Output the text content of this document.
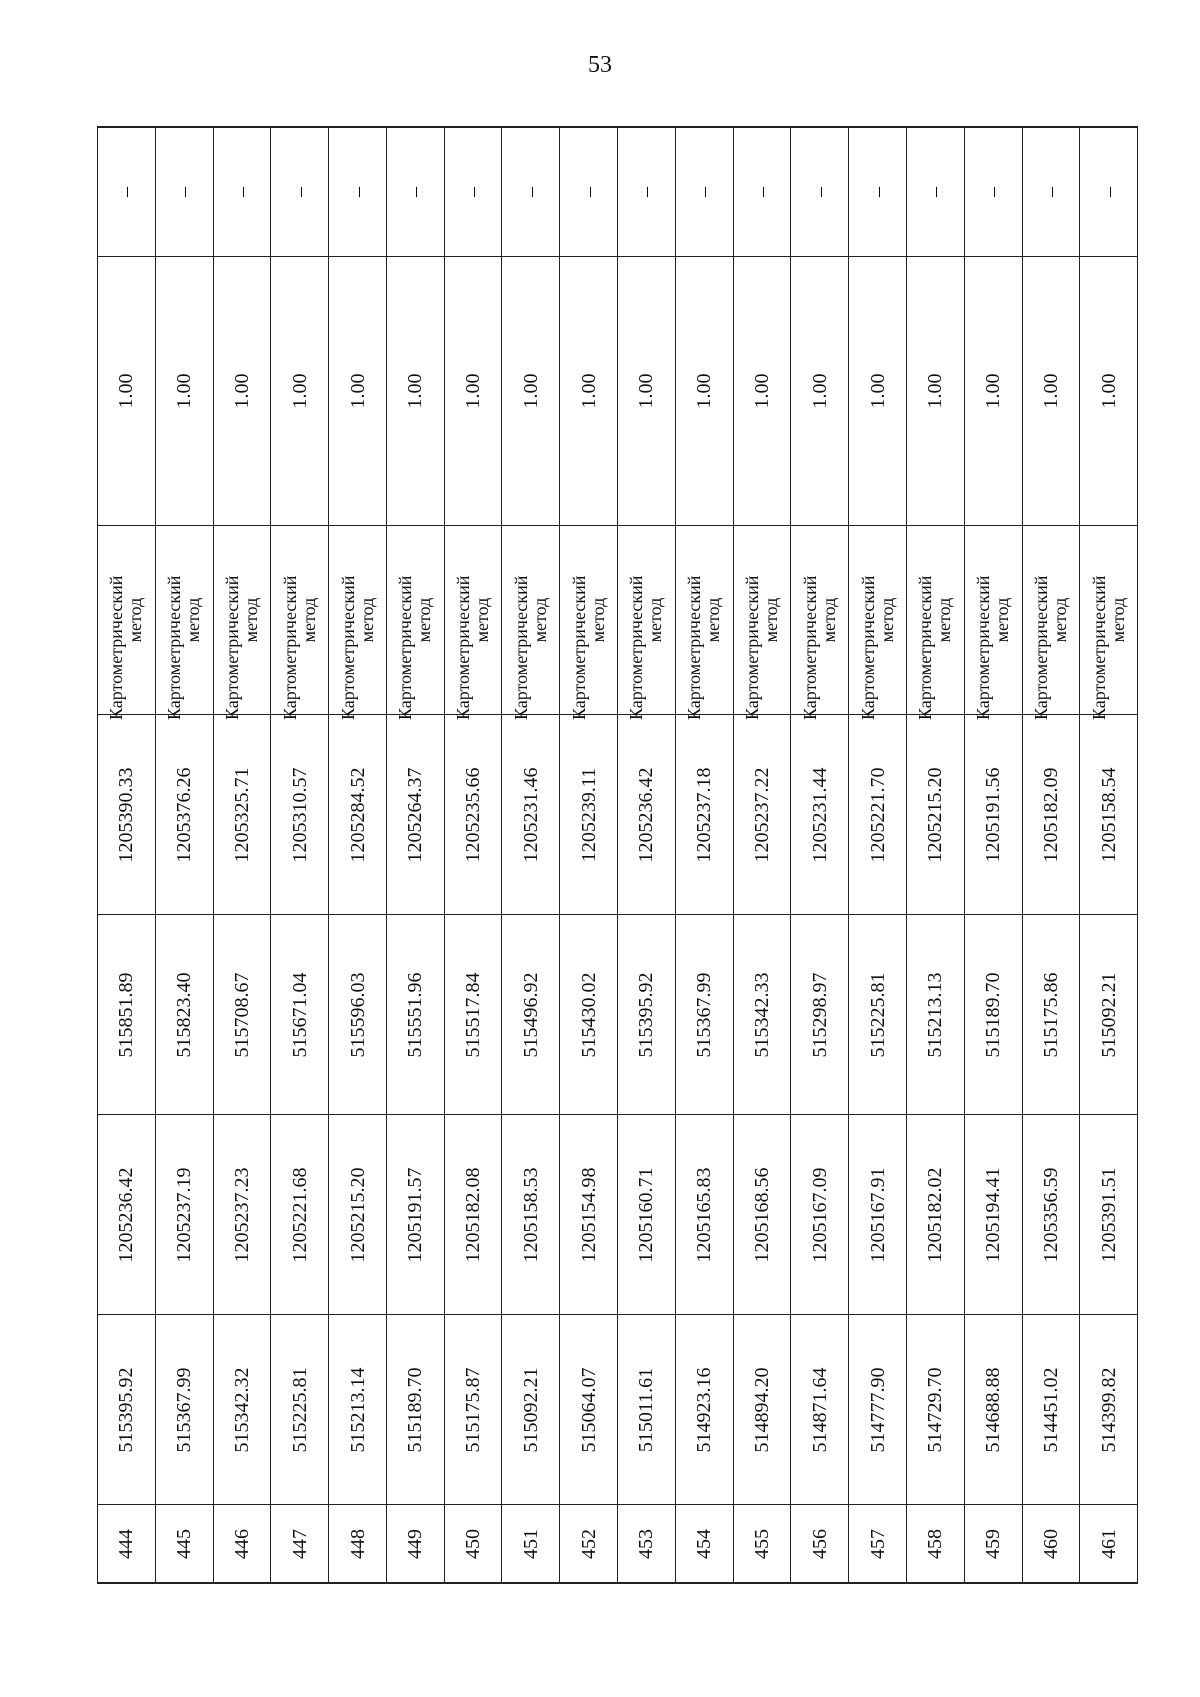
53
444
515395.92
1205236.42
515851.89
1205390.33
Картометрический
метод
1.00
–
445
515367.99
1205237.19
515823.40
1205376.26
Картометрический
метод
1.00
–
446
515342.32
1205237.23
515708.67
1205325.71
Картометрический
метод
1.00
–
447
515225.81
1205221.68
515671.04
1205310.57
Картометрический
метод
1.00
–
448
515213.14
1205215.20
515596.03
1205284.52
Картометрический
метод
1.00
–
449
515189.70
1205191.57
515551.96
1205264.37
Картометрический
метод
1.00
–
450
515175.87
1205182.08
515517.84
1205235.66
Картометрический
метод
1.00
–
451
515092.21
1205158.53
515496.92
1205231.46
Картометрический
метод
1.00
–
452
515064.07
1205154.98
515430.02
1205239.11
Картометрический
метод
1.00
–
453
515011.61
1205160.71
515395.92
1205236.42
Картометрический
метод
1.00
–
454
514923.16
1205165.83
515367.99
1205237.18
Картометрический
метод
1.00
–
455
514894.20
1205168.56
515342.33
1205237.22
Картометрический
метод
1.00
–
456
514871.64
1205167.09
515298.97
1205231.44
Картометрический
метод
1.00
–
457
514777.90
1205167.91
515225.81
1205221.70
Картометрический
метод
1.00
–
458
514729.70
1205182.02
515213.13
1205215.20
Картометрический
метод
1.00
–
459
514688.88
1205194.41
515189.70
1205191.56
Картометрический
метод
1.00
–
460
514451.02
1205356.59
515175.86
1205182.09
Картометрический
метод
1.00
–
461
514399.82
1205391.51
515092.21
1205158.54
Картометрический
метод
1.00
–
